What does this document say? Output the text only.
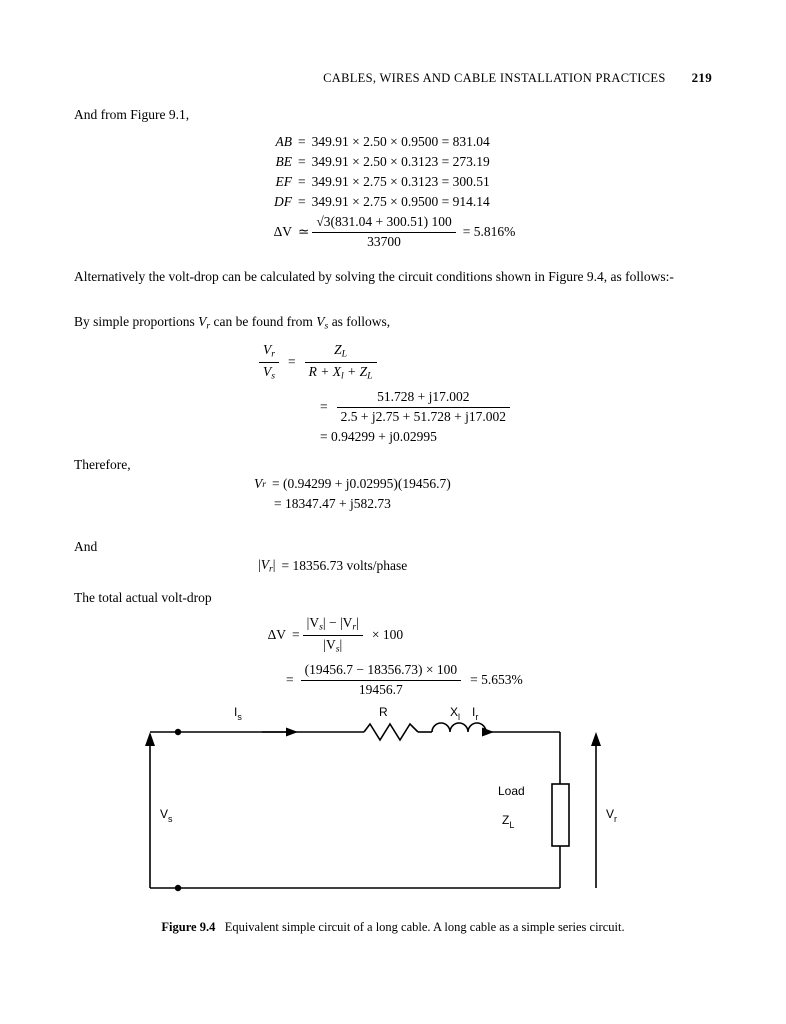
CABLES, WIRES AND CABLE INSTALLATION PRACTICES 219
And from Figure 9.1,
AB = 349.91 × 2.50 × 0.9500 = 831.04
BE = 349.91 × 2.50 × 0.3123 = 273.19
EF = 349.91 × 2.75 × 0.3123 = 300.51
DF = 349.91 × 2.75 × 0.9500 = 914.14
ΔV ≃ $\frac{√3(831.04 + 300.51) 100}{33700} = 5.816\%$
Alternatively the volt-drop can be calculated by solving the circuit conditions shown in Figure 9.4, as follows:-
By simple proportions $V_r$ can be found from $V_s$ as follows,
$\frac{V_r}{V_s} = \frac{Z_L}{R + X_l + Z_L}$
= $\frac{51.728 + j17.002}{2.5 + j2.75 + 51.728 + j17.002}$
= 0.94299 + j0.02995
Therefore,
V r = (0.94299 + j0.02995)(19456.7)
= 18347.47 + j582.73
And
$|V_r| = 18356.73$ volts/phase
The total actual volt-drop
$\Delta V = \frac{|V_s| - |V_r|}{|V_s|} \times 100$
= $\frac{(19456.7 - 18356.73) \times 100}{19456.7} = 5.653\%$
$I_s$	R	$X_l$ $I_r$
$V_s$	$V_r$
Load
$Z_L$
Figure 9.4 Equivalent simple circuit of a long cable. A long cable as a simple series circuit.
